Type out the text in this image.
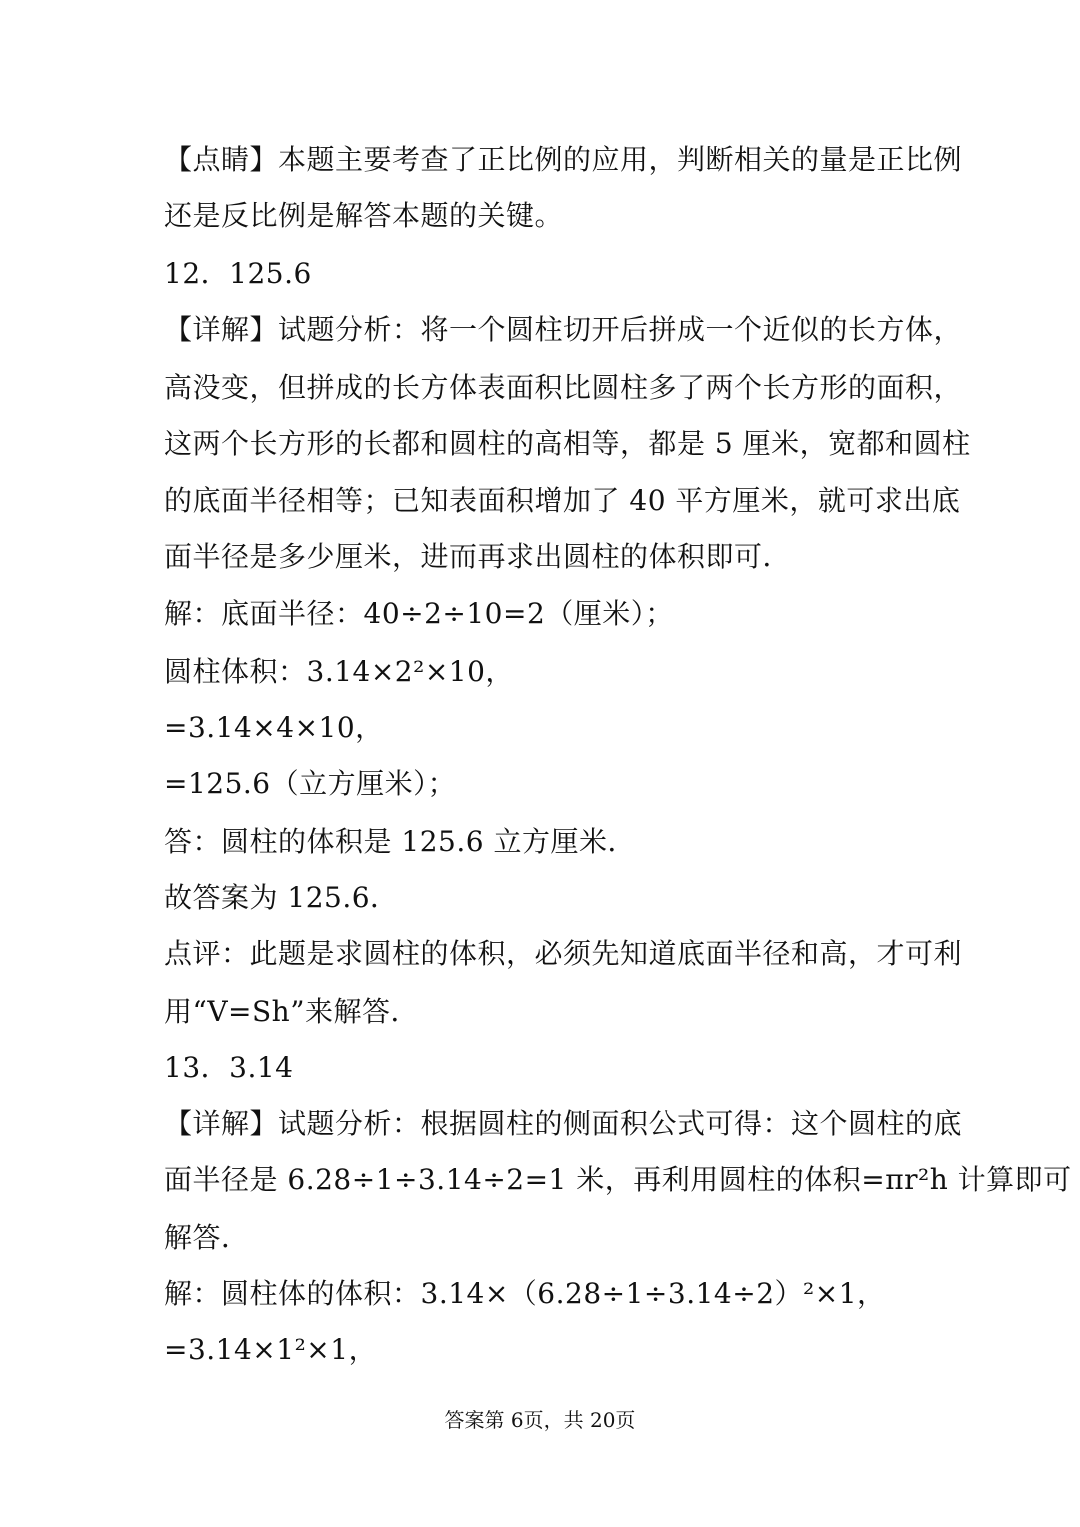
【点睛】本题主要考查了正比例的应用，判断相关的量是正比例
还是反比例是解答本题的关键。
12．125.6
【详解】试题分析：将一个圆柱切开后拼成一个近似的长方体，
高没变，但拼成的长方体表面积比圆柱多了两个长方形的面积，
这两个长方形的长都和圆柱的高相等，都是 5 厘米，宽都和圆柱
的底面半径相等；已知表面积增加了 40 平方厘米，就可求出底
面半径是多少厘米，进而再求出圆柱的体积即可．
解：底面半径：40÷2÷10=2（厘米）；
圆柱体积：3.14×2²×10，
=3.14×4×10，
=125.6（立方厘米）；
答：圆柱的体积是 125.6 立方厘米．
故答案为 125.6．
点评：此题是求圆柱的体积，必须先知道底面半径和高，才可利
用“V=Sh”来解答．
13．3.14
【详解】试题分析：根据圆柱的侧面积公式可得：这个圆柱的底
面半径是 6.28÷1÷3.14÷2=1 米，再利用圆柱的体积=πr²h 计算即可
解答．
解：圆柱体的体积：3.14×（6.28÷1÷3.14÷2）²×1，
=3.14×1²×1，
答案第 6页，共 20页
